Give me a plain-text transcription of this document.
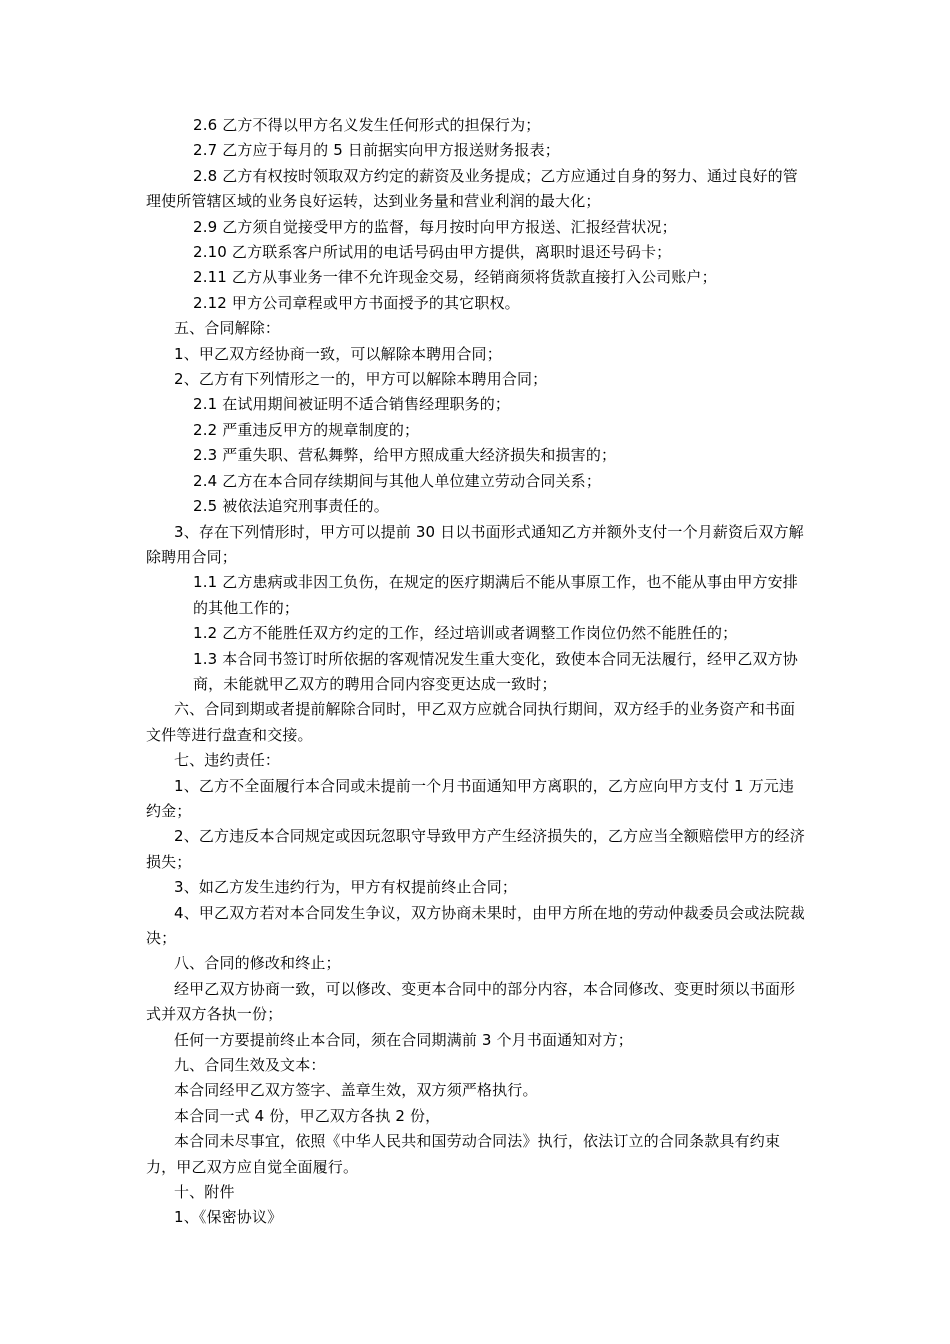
2.6 乙方不得以甲方名义发生任何形式的担保行为；

2.7 乙方应于每月的 5 日前据实向甲方报送财务报表；

2.8 乙方有权按时领取双方约定的薪资及业务提成；乙方应通过自身的努力、通过良好的管理使所管辖区域的业务良好运转，达到业务量和营业利润的最大化；

2.9 乙方须自觉接受甲方的监督，每月按时向甲方报送、汇报经营状况；

2.10 乙方联系客户所试用的电话号码由甲方提供，离职时退还号码卡；

2.11 乙方从事业务一律不允许现金交易，经销商须将货款直接打入公司账户；

2.12 甲方公司章程或甲方书面授予的其它职权。

五、合同解除：

1、甲乙双方经协商一致，可以解除本聘用合同；

2、乙方有下列情形之一的，甲方可以解除本聘用合同；

2.1 在试用期间被证明不适合销售经理职务的；

2.2 严重违反甲方的规章制度的；

2.3 严重失职、营私舞弊，给甲方照成重大经济损失和损害的；

2.4 乙方在本合同存续期间与其他人单位建立劳动合同关系；

2.5 被依法追究刑事责任的。

3、存在下列情形时，甲方可以提前 30 日以书面形式通知乙方并额外支付一个月薪资后双方解除聘用合同；

1.1 乙方患病或非因工负伤，在规定的医疗期满后不能从事原工作，也不能从事由甲方安排的其他工作的；

1.2 乙方不能胜任双方约定的工作，经过培训或者调整工作岗位仍然不能胜任的；

1.3 本合同书签订时所依据的客观情况发生重大变化，致使本合同无法履行，经甲乙双方协商，未能就甲乙双方的聘用合同内容变更达成一致时；

六、合同到期或者提前解除合同时，甲乙双方应就合同执行期间，双方经手的业务资产和书面文件等进行盘查和交接。

七、违约责任：

1、乙方不全面履行本合同或未提前一个月书面通知甲方离职的，乙方应向甲方支付 1 万元违约金；

2、乙方违反本合同规定或因玩忽职守导致甲方产生经济损失的，乙方应当全额赔偿甲方的经济损失；

3、如乙方发生违约行为，甲方有权提前终止合同；

4、甲乙双方若对本合同发生争议，双方协商未果时，由甲方所在地的劳动仲裁委员会或法院裁决；

八、合同的修改和终止；

经甲乙双方协商一致，可以修改、变更本合同中的部分内容，本合同修改、变更时须以书面形式并双方各执一份；

任何一方要提前终止本合同，须在合同期满前 3 个月书面通知对方；

九、合同生效及文本：

本合同经甲乙双方签字、盖章生效，双方须严格执行。

本合同一式 4 份，甲乙双方各执 2 份，

本合同未尽事宜，依照《中华人民共和国劳动合同法》执行，依法订立的合同条款具有约束力，甲乙双方应自觉全面履行。

十、附件

1、《保密协议》
